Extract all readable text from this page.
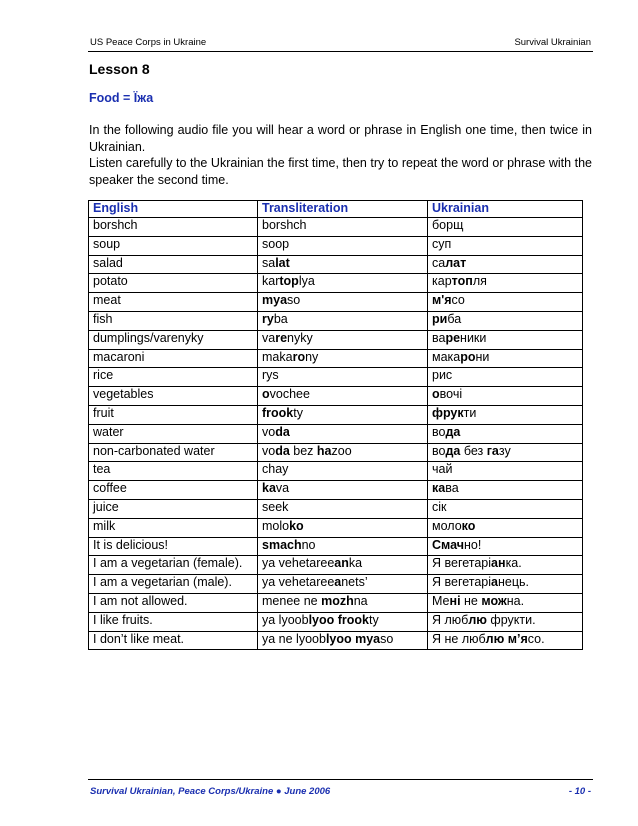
US Peace Corps in Ukraine	Survival Ukrainian
Lesson 8
Food = Їжа

In the following audio file you will hear a word or phrase in English one time, then twice in Ukrainian.

Listen carefully to the Ukrainian the first time, then try to repeat the word or phrase with the speaker the second time.

English	Transliteration	Ukrainian
borshch	borshch	борщ
soup	soop	суп
salad	salat	салат
potato	kartoplya	картопля
meat	myaso	м'ясо
fish	ryba	риба
dumplings/varenyky	varenyky	вареники
macaroni	makarony	макарони
rice	rys	рис
vegetables	ovochee	овочі
fruit	frookty	фрукти
water	voda	вода
non-carbonated water	voda bez hazoo	вода без газу
tea	chay	чай
coffee	kava	кава
juice	seek	сік
milk	moloko	молоко
It is delicious!	smachno	Смачно!
I am a vegetarian (female).	ya vehetareeanka	Я вегетаріанка.
I am a vegetarian (male).	ya vehetareeanets’	Я вегетаріанець.
I am not allowed.	menee ne mozhna	Мені не можна.
I like fruits.	ya lyooblyoo frookty	Я люблю фрукти.
I don’t like meat.	ya ne lyooblyoo myaso	Я не люблю м’ясо.
Survival Ukrainian, Peace Corps/Ukraine ● June 2006	- 10 -
